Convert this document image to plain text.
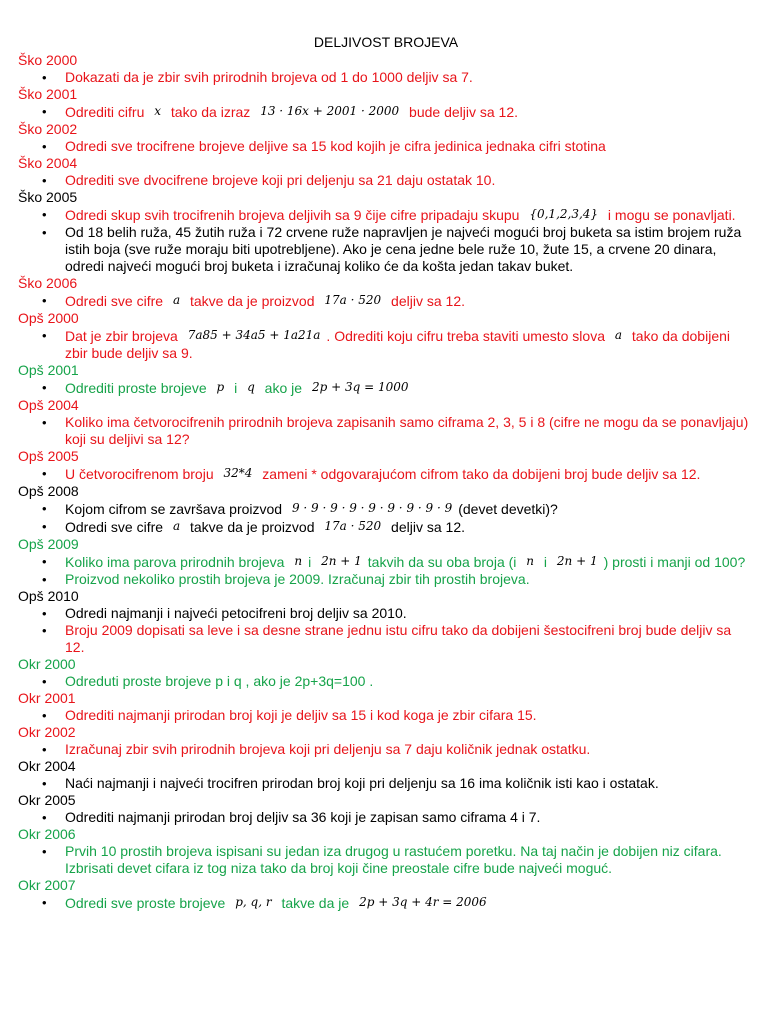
DELJIVOST BROJEVA
Ško 2000
• Dokazati da je zbir svih prirodnih brojeva od 1 do 1000 deljiv sa 7.
Ško 2001
• Odrediti cifru x tako da izraz 13 · 16x + 2001 · 2000 bude deljiv sa 12.
Ško 2002
• Odredi sve trocifrene brojeve deljive sa 15 kod kojih je cifra jedinica jednaka cifri stotina
Ško 2004
• Odrediti sve dvocifrene brojeve koji pri deljenju sa 21 daju ostatak 10.
Ško 2005
• Odredi skup svih trocifrenih brojeva deljivih sa 9 čije cifre pripadaju skupu {0,1,2,3,4} i mogu se ponavljati.
• Od 18 belih ruža, 45 žutih ruža i 72 crvene ruže napravljen je najveći mogući broj buketa sa istim brojem ruža istih boja (sve ruže moraju biti upotrebljene). Ako je cena jedne bele ruže 10, žute 15, a crvene 20 dinara, odredi najveći mogući broj buketa i izračunaj koliko će da košta jedan takav buket.
Ško 2006
• Odredi sve cifre a takve da je proizvod 17a · 520 deljiv sa 12.
Opš 2000
• Dat je zbir brojeva 7a85 + 34a5 + 1a21a . Odrediti koju cifru treba staviti umesto slova a tako da dobijeni zbir bude deljiv sa 9.
Opš 2001
• Odrediti proste brojeve p i q ako je 2p + 3q = 1000
Opš 2004
• Koliko ima četvorocifrenih prirodnih brojeva zapisanih samo ciframa 2, 3, 5 i 8 (cifre ne mogu da se ponavljaju) koji su deljivi sa 12?
Opš 2005
• U četvorocifrenom broju 32*4 zameni * odgovarajućom cifrom tako da dobijeni broj bude deljiv sa 12.
Opš 2008
• Kojom cifrom se završava proizvod 9 · 9 · 9 · 9 · 9 · 9 · 9 · 9 · 9 (devet devetki)?
• Odredi sve cifre a takve da je proizvod 17a · 520 deljiv sa 12.
Opš 2009
• Koliko ima parova prirodnih brojeva n i 2n + 1 takvih da su oba broja (i n i 2n + 1 ) prosti i manji od 100?
• Proizvod nekoliko prostih brojeva je 2009. Izračunaj zbir tih prostih brojeva.
Opš 2010
• Odredi najmanji i najveći petocifreni broj deljiv sa 2010.
• Broju 2009 dopisati sa leve i sa desne strane jednu istu cifru tako da dobijeni šestocifreni broj bude deljiv sa 12.
Okr 2000
• Odreduti proste brojeve p i q , ako je 2p+3q=100 .
Okr 2001
• Odrediti najmanji prirodan broj koji je deljiv sa 15 i kod koga je zbir cifara 15.
Okr 2002
• Izračunaj zbir svih prirodnih brojeva koji pri deljenju sa 7 daju količnik jednak ostatku.
Okr 2004
• Naći najmanji i najveći trocifren prirodan broj koji pri deljenju sa 16 ima količnik isti kao i ostatak.
Okr 2005
• Odrediti najmanji prirodan broj deljiv sa 36 koji je zapisan samo ciframa 4 i 7.
Okr 2006
• Prvih 10 prostih brojeva ispisani su jedan iza drugog u rastućem poretku. Na taj način je dobijen niz cifara. Izbrisati devet cifara iz tog niza tako da broj koji čine preostale cifre bude najveći moguć.
Okr 2007
• Odredi sve proste brojeve p, q, r takve da je 2p + 3q + 4r = 2006
